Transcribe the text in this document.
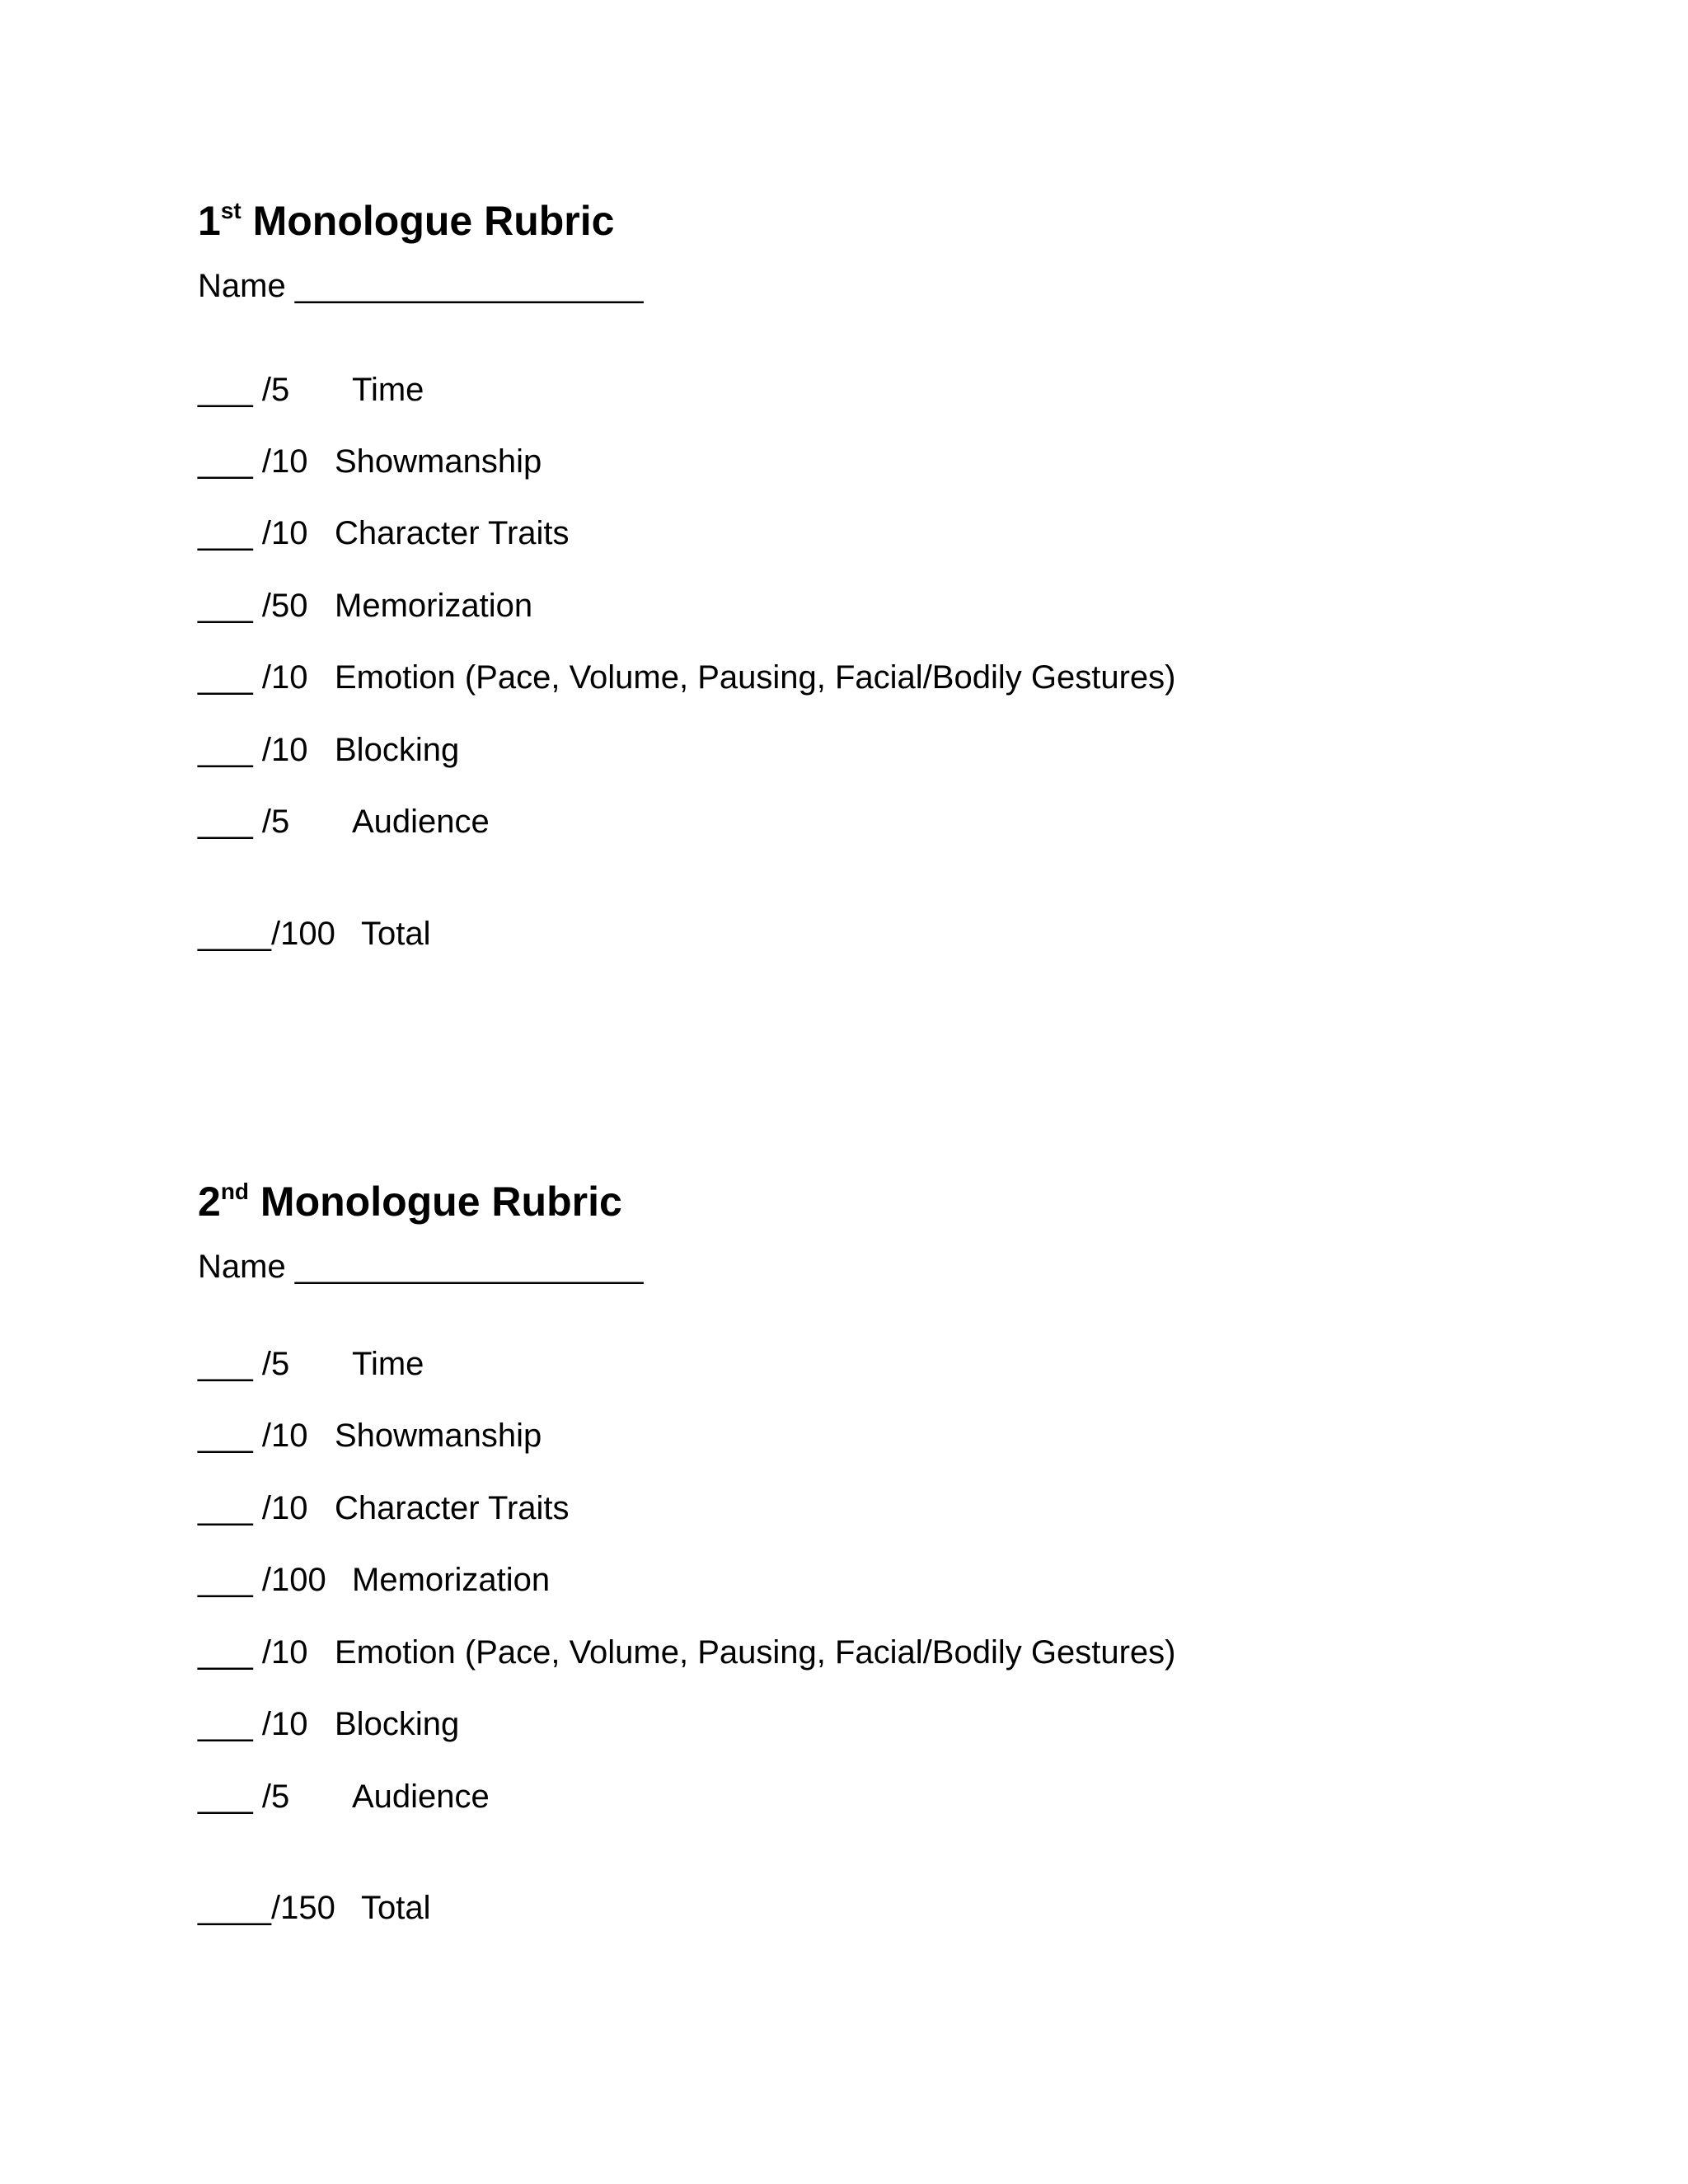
1st Monologue Rubric
Name ___________________
___ /5 Time
___ /10 Showmanship
___ /10 Character Traits
___ /50 Memorization
___ /10 Emotion (Pace, Volume, Pausing, Facial/Bodily Gestures)
___ /10 Blocking
___ /5 Audience
____/100 Total
2nd Monologue Rubric
Name ___________________
___ /5 Time
___ /10 Showmanship
___ /10 Character Traits
___ /100 Memorization
___ /10 Emotion (Pace, Volume, Pausing, Facial/Bodily Gestures)
___ /10 Blocking
___ /5 Audience
____/150 Total
